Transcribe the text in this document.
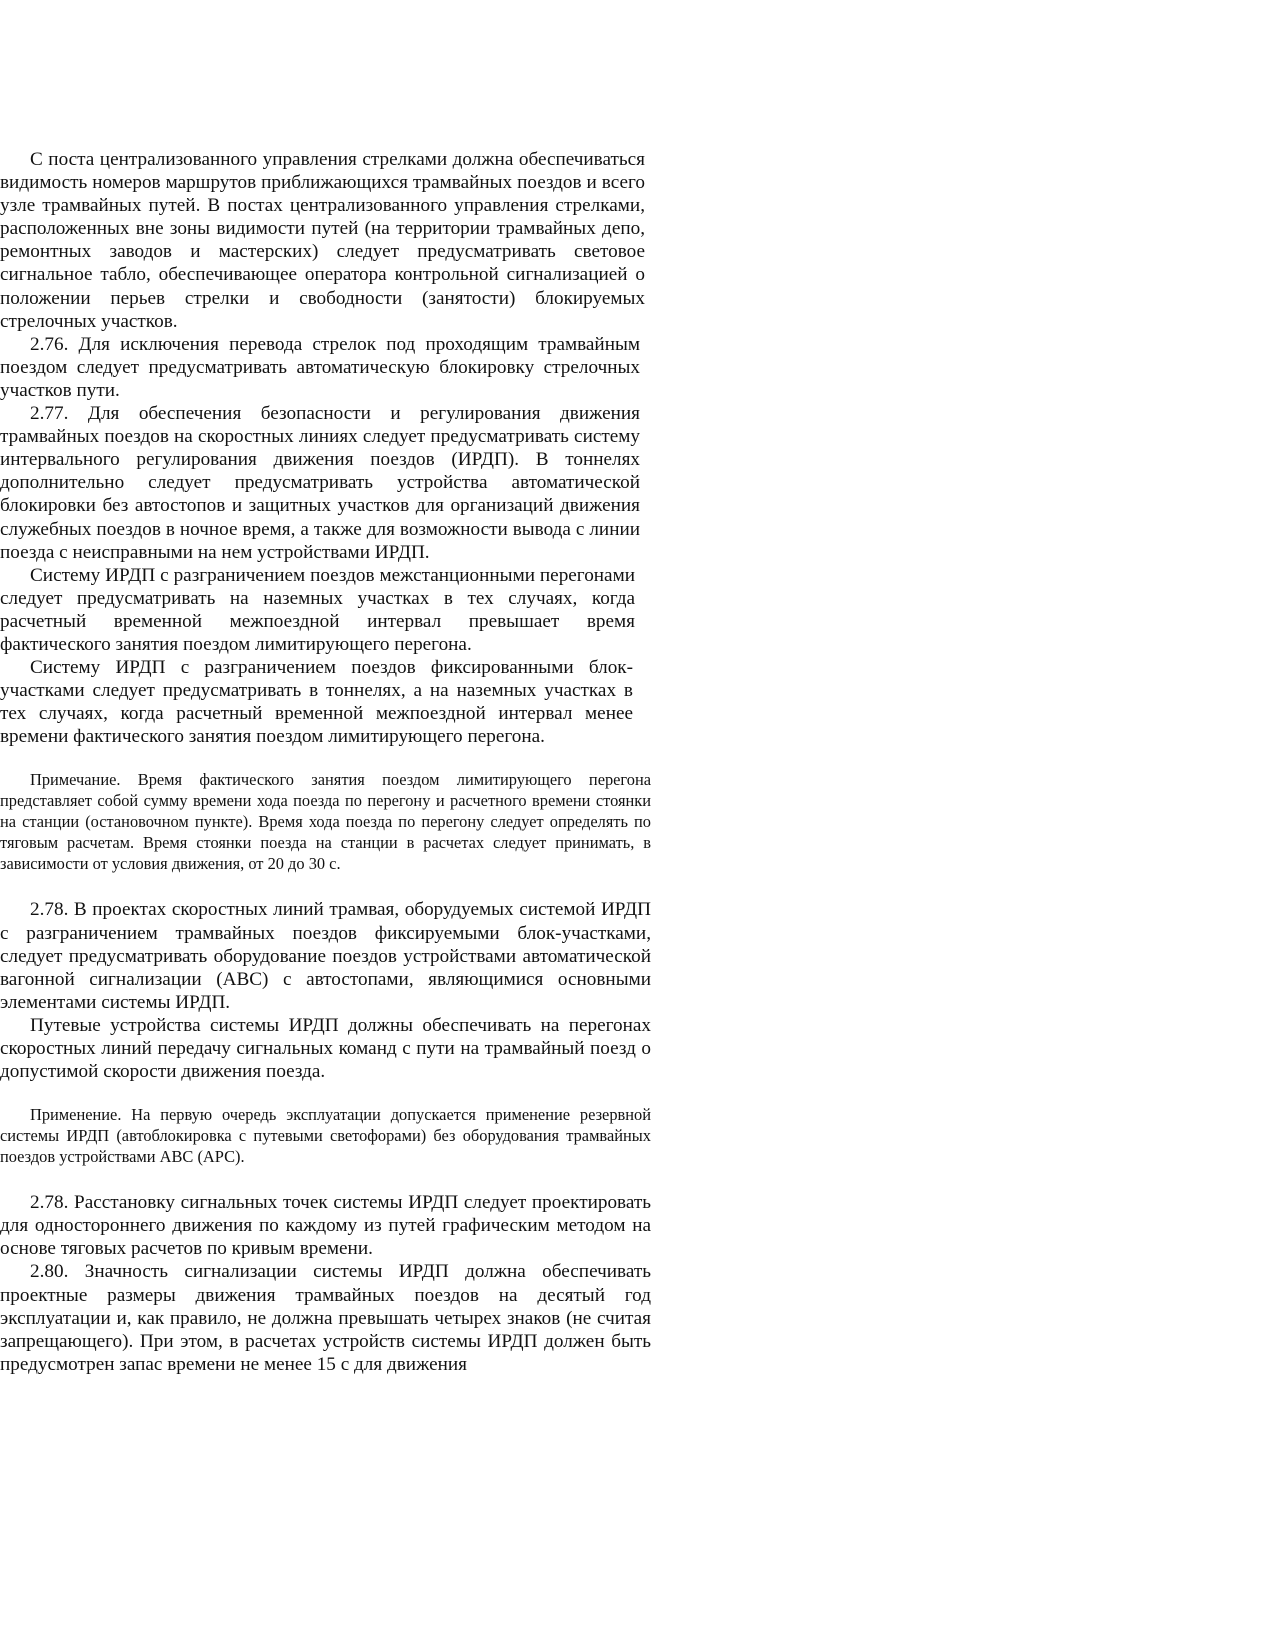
С поста централизованного управления стрелками должна обеспечиваться видимость номеров маршрутов приближающихся трамвайных поездов и всего узле трамвайных путей. В постах централизованного управления стрелками, расположенных вне зоны видимости путей (на территории трамвайных депо, ремонтных заводов и мастерских) следует предусматривать световое сигнальное табло, обеспечивающее оператора контрольной сигнализацией о положении перьев стрелки и свободности (занятости) блокируемых стрелочных участков.

2.76. Для исключения перевода стрелок под проходящим трамвайным поездом следует предусматривать автоматическую блокировку стрелочных участков пути.

2.77. Для обеспечения безопасности и регулирования движения трамвайных поездов на скоростных линиях следует предусматривать систему интервального регулирования движения поездов (ИРДП). В тоннелях дополнительно следует предусматривать устройства автоматической блокировки без автостопов и защитных участков для организаций движения служебных поездов в ночное время, а также для возможности вывода с линии поезда с неисправными на нем устройствами ИРДП.

Систему ИРДП с разграничением поездов межстанционными перегонами следует предусматривать на наземных участках в тех случаях, когда расчетный временной межпоездной интервал превышает время фактического занятия поездом лимитирующего перегона.

Систему ИРДП с разграничением поездов фиксированными блок-участками следует предусматривать в тоннелях, а на наземных участках в тех случаях, когда расчетный временной межпоездной интервал менее времени фактического занятия поездом лимитирующего перегона.

Примечание. Время фактического занятия поездом лимитирующего перегона представляет собой сумму времени хода поезда по перегону и расчетного времени стоянки на станции (остановочном пункте). Время хода поезда по перегону следует определять по тяговым расчетам. Время стоянки поезда на станции в расчетах следует принимать, в зависимости от условия движения, от 20 до 30 с.

2.78. В проектах скоростных линий трамвая, оборудуемых системой ИРДП с разграничением трамвайных поездов фиксируемыми блок-участками, следует предусматривать оборудование поездов устройствами автоматической вагонной сигнализации (АВС) с автостопами, являющимися основными элементами системы ИРДП.

Путевые устройства системы ИРДП должны обеспечивать на перегонах скоростных линий передачу сигнальных команд с пути на трамвайный поезд о допустимой скорости движения поезда.

Применение. На первую очередь эксплуатации допускается применение резервной системы ИРДП (автоблокировка с путевыми светофорами) без оборудования трамвайных поездов устройствами АВС (АРС).

2.78. Расстановку сигнальных точек системы ИРДП следует проектировать для одностороннего движения по каждому из путей графическим методом на основе тяговых расчетов по кривым времени.

2.80. Значность сигнализации системы ИРДП должна обеспечивать проектные размеры движения трамвайных поездов на десятый год эксплуатации и, как правило, не должна превышать четырех знаков (не считая запрещающего). При этом, в расчетах устройств системы ИРДП должен быть предусмотрен запас времени не менее 15 с для движения
